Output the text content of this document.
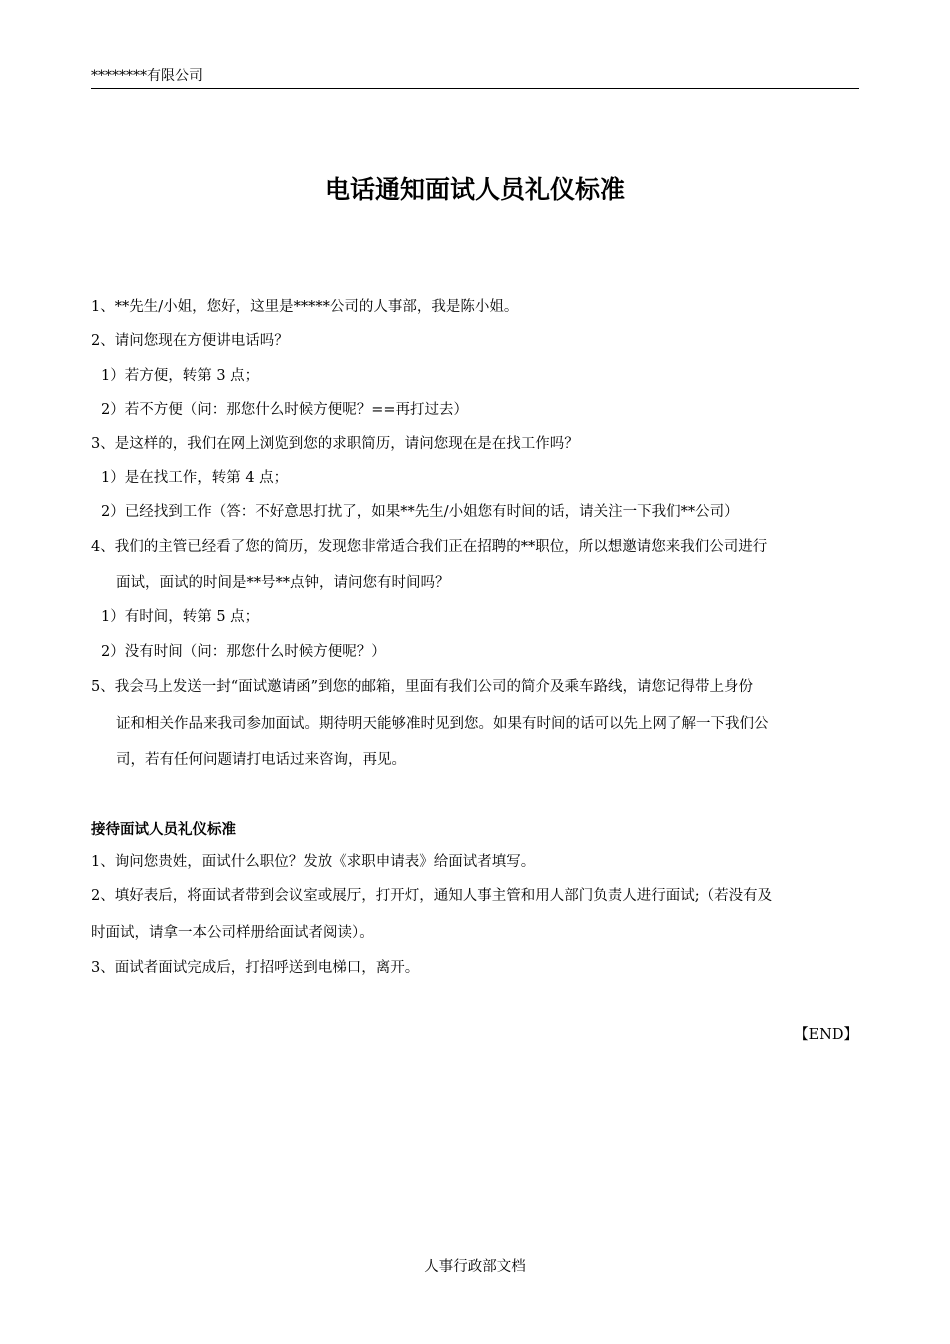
********有限公司
电话通知面试人员礼仪标准
1、**先生/小姐，您好，这里是*****公司的人事部，我是陈小姐。
2、请问您现在方便讲电话吗？
1）若方便，转第 3 点；
2）若不方便（问：那您什么时候方便呢？==再打过去）
3、是这样的，我们在网上浏览到您的求职简历，请问您现在是在找工作吗？
1）是在找工作，转第 4 点；
2）已经找到工作（答：不好意思打扰了，如果**先生/小姐您有时间的话，请关注一下我们**公司）
4、我们的主管已经看了您的简历，发现您非常适合我们正在招聘的**职位，所以想邀请您来我们公司进行
面试，面试的时间是**号**点钟，请问您有时间吗？
1）有时间，转第 5 点；
2）没有时间（问：那您什么时候方便呢？）
5、我会马上发送一封“面试邀请函”到您的邮箱，里面有我们公司的简介及乘车路线，请您记得带上身份
证和相关作品来我司参加面试。期待明天能够准时见到您。如果有时间的话可以先上网了解一下我们公
司，若有任何问题请打电话过来咨询，再见。
接待面试人员礼仪标准
1、询问您贵姓，面试什么职位？发放《求职申请表》给面试者填写。
2、填好表后，将面试者带到会议室或展厅，打开灯，通知人事主管和用人部门负责人进行面试;（若没有及
时面试，请拿一本公司样册给面试者阅读）。
3、面试者面试完成后，打招呼送到电梯口，离开。
【END】
人事行政部文档
